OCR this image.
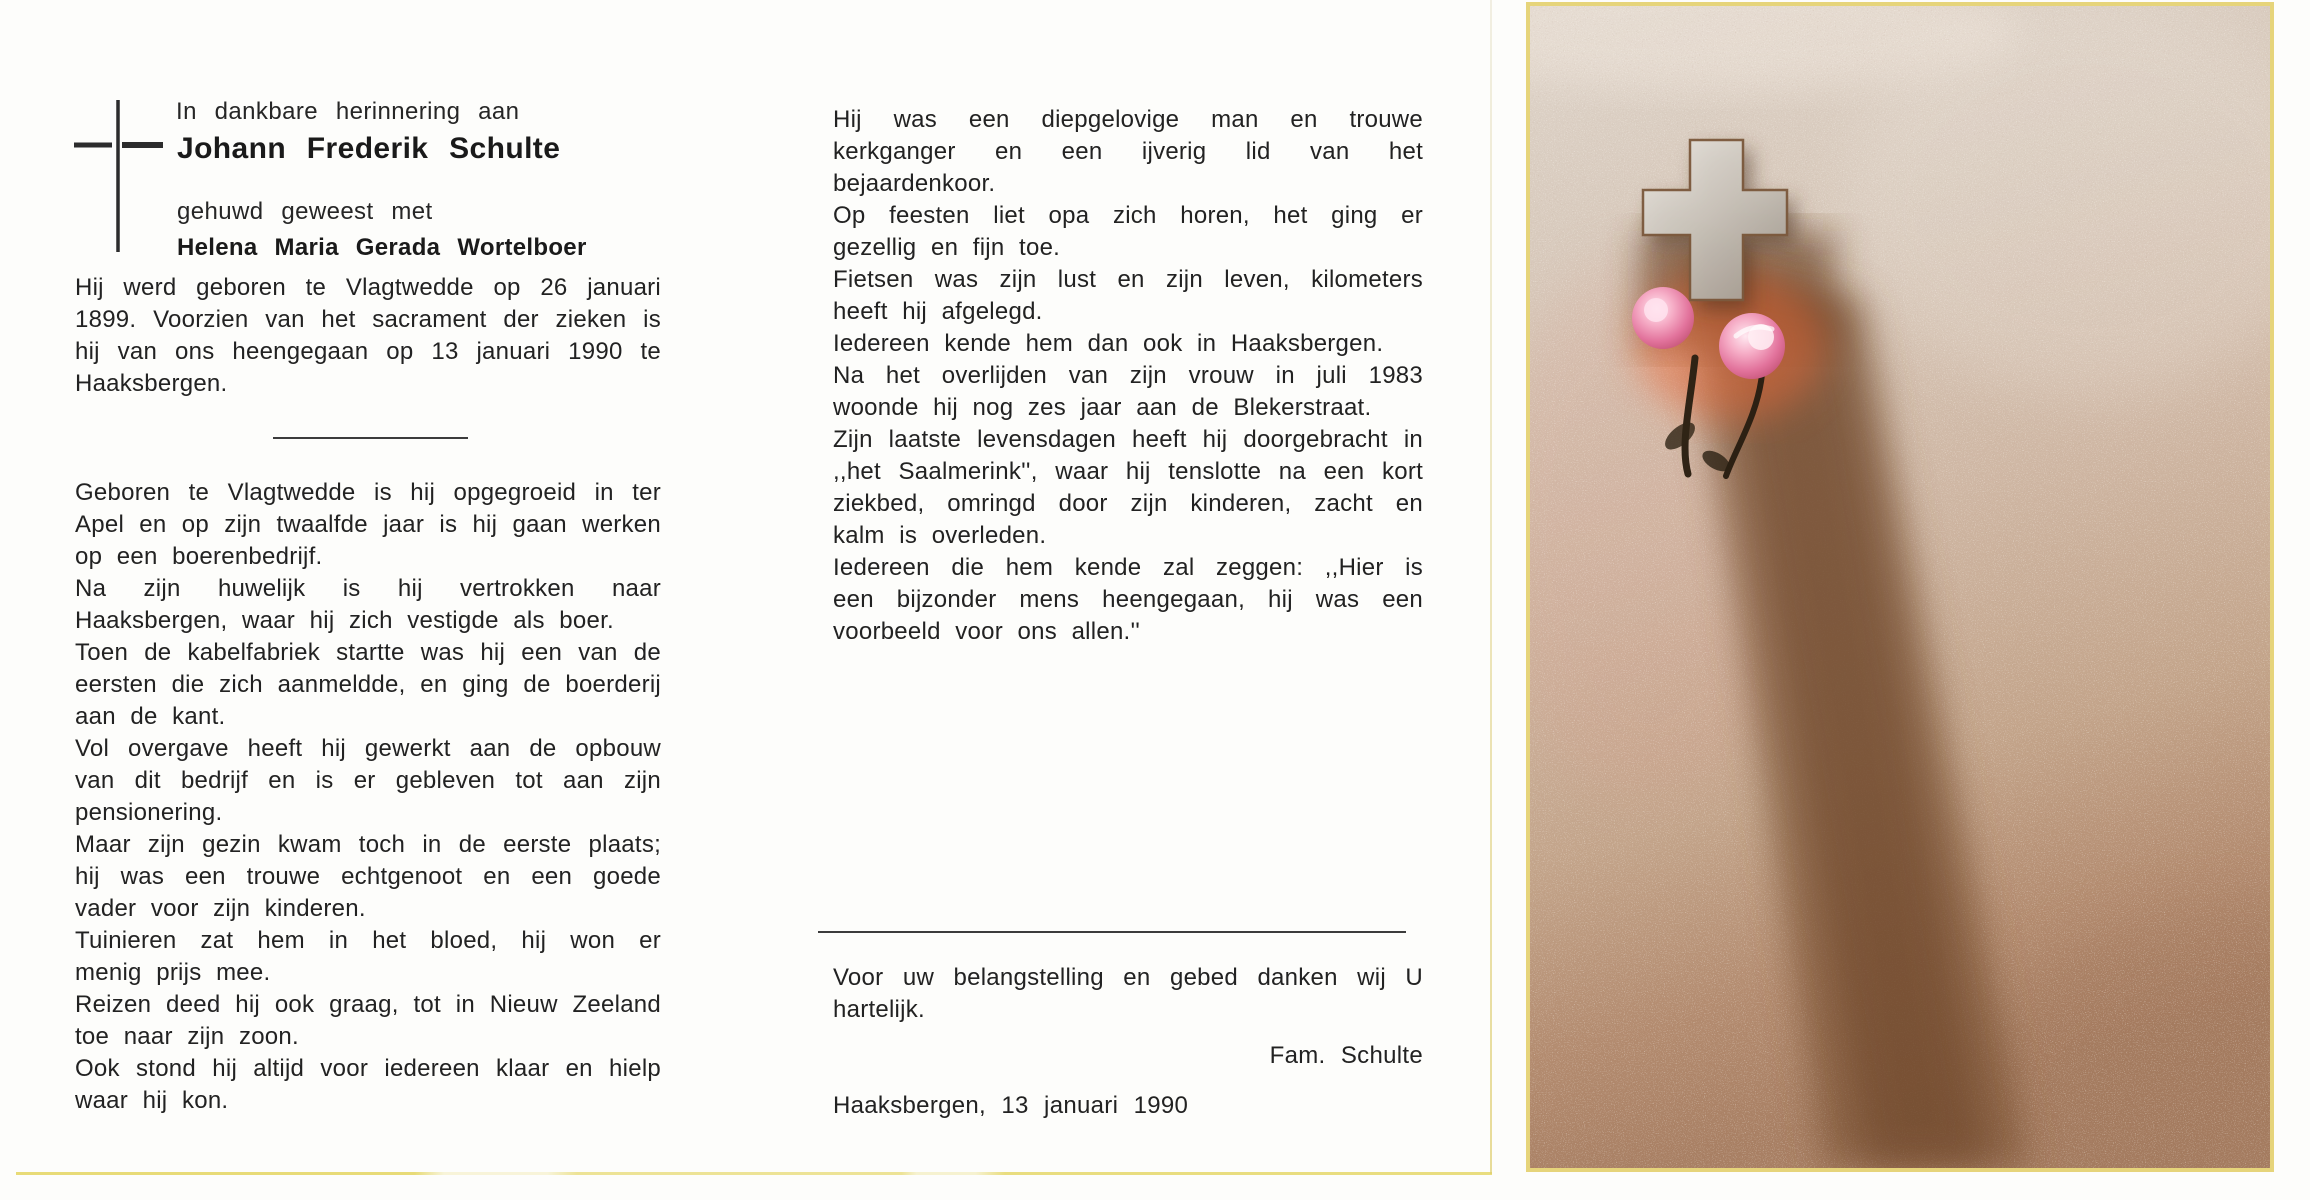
In dankbare herinnering aan

Johann Frederik Schulte

gehuwd geweest met

Helena Maria Gerada Wortelboer

Hij werd geboren te Vlagtwedde op 26 januari 1899. Voorzien van het sacrament der zieken is hij van ons heengegaan op 13 januari 1990 te Haaksbergen.

Geboren te Vlagtwedde is hij opgegroeid in ter Apel en op zijn twaalfde jaar is hij gaan werken op een boerenbedrijf.

Na zijn huwelijk is hij vertrokken naar Haaksbergen, waar hij zich vestigde als boer.

Toen de kabelfabriek startte was hij een van de eersten die zich aanmeldde, en ging de boerderij aan de kant.

Vol overgave heeft hij gewerkt aan de opbouw van dit bedrijf en is er gebleven tot aan zijn pensionering.

Maar zijn gezin kwam toch in de eerste plaats; hij was een trouwe echtgenoot en een goede vader voor zijn kinderen.

Tuinieren zat hem in het bloed, hij won er menig prijs mee.

Reizen deed hij ook graag, tot in Nieuw Zeeland toe naar zijn zoon.

Ook stond hij altijd voor iedereen klaar en hielp waar hij kon.

Hij was een diepgelovige man en trouwe kerkganger en een ijverig lid van het bejaardenkoor.

Op feesten liet opa zich horen, het ging er gezellig en fijn toe.

Fietsen was zijn lust en zijn leven, kilometers heeft hij afgelegd.

Iedereen kende hem dan ook in Haaksbergen.

Na het overlijden van zijn vrouw in juli 1983 woonde hij nog zes jaar aan de Blekerstraat.

Zijn laatste levensdagen heeft hij doorgebracht in ,,het Saalmerink'', waar hij tenslotte na een kort ziekbed, omringd door zijn kinderen, zacht en kalm is overleden.

Iedereen die hem kende zal zeggen: ,,Hier is een bijzonder mens heengegaan, hij was een voorbeeld voor ons allen.''

Voor uw belangstelling en gebed danken wij U hartelijk.

Fam. Schulte

Haaksbergen, 13 januari 1990
